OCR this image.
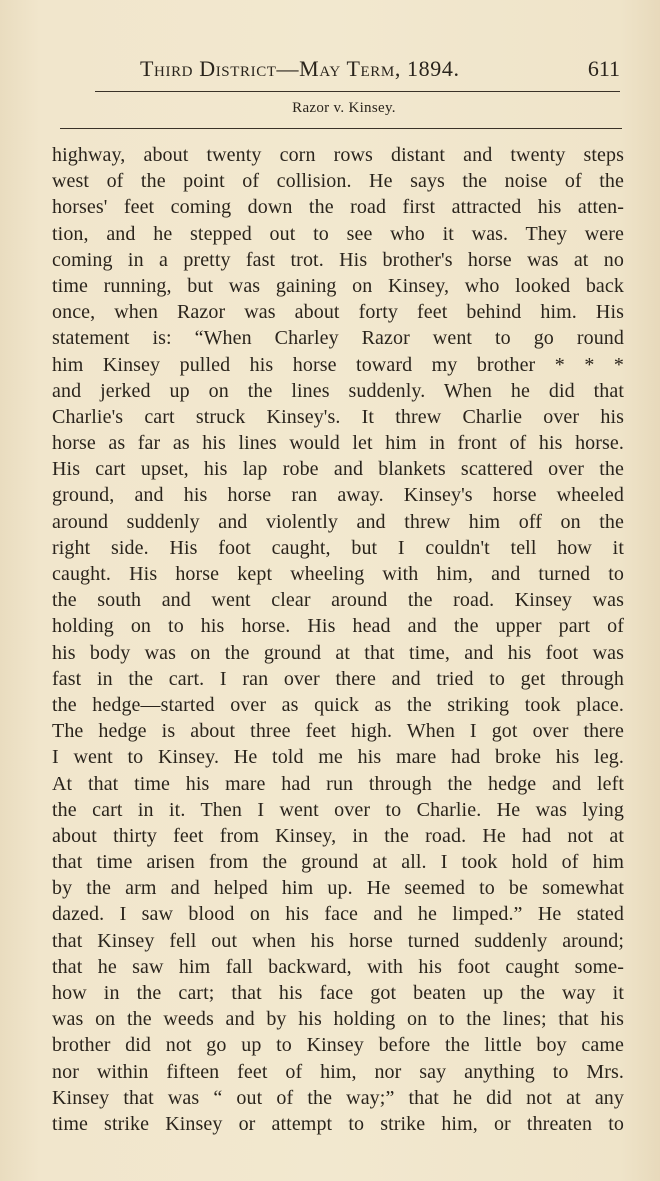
Third District—May Term, 1894.	611
Razor v. Kinsey.
highway, about twenty corn rows distant and twenty steps
west of the point of collision. He says the noise of the
horses' feet coming down the road first attracted his atten-
tion, and he stepped out to see who it was. They were
coming in a pretty fast trot. His brother's horse was at no
time running, but was gaining on Kinsey, who looked back
once, when Razor was about forty feet behind him. His
statement is: “When Charley Razor went to go round
him Kinsey pulled his horse toward my brother * * *
and jerked up on the lines suddenly. When he did that
Charlie's cart struck Kinsey's. It threw Charlie over his
horse as far as his lines would let him in front of his horse.
His cart upset, his lap robe and blankets scattered over the
ground, and his horse ran away. Kinsey's horse wheeled
around suddenly and violently and threw him off on the
right side. His foot caught, but I couldn't tell how it
caught. His horse kept wheeling with him, and turned to
the south and went clear around the road. Kinsey was
holding on to his horse. His head and the upper part of
his body was on the ground at that time, and his foot was
fast in the cart. I ran over there and tried to get through
the hedge—started over as quick as the striking took place.
The hedge is about three feet high. When I got over there
I went to Kinsey. He told me his mare had broke his leg.
At that time his mare had run through the hedge and left
the cart in it. Then I went over to Charlie. He was lying
about thirty feet from Kinsey, in the road. He had not at
that time arisen from the ground at all. I took hold of him
by the arm and helped him up. He seemed to be somewhat
dazed. I saw blood on his face and he limped.” He stated
that Kinsey fell out when his horse turned suddenly around;
that he saw him fall backward, with his foot caught some-
how in the cart; that his face got beaten up the way it
was on the weeds and by his holding on to the lines; that his
brother did not go up to Kinsey before the little boy came
nor within fifteen feet of him, nor say anything to Mrs.
Kinsey that was “ out of the way;” that he did not at any
time strike Kinsey or attempt to strike him, or threaten to
